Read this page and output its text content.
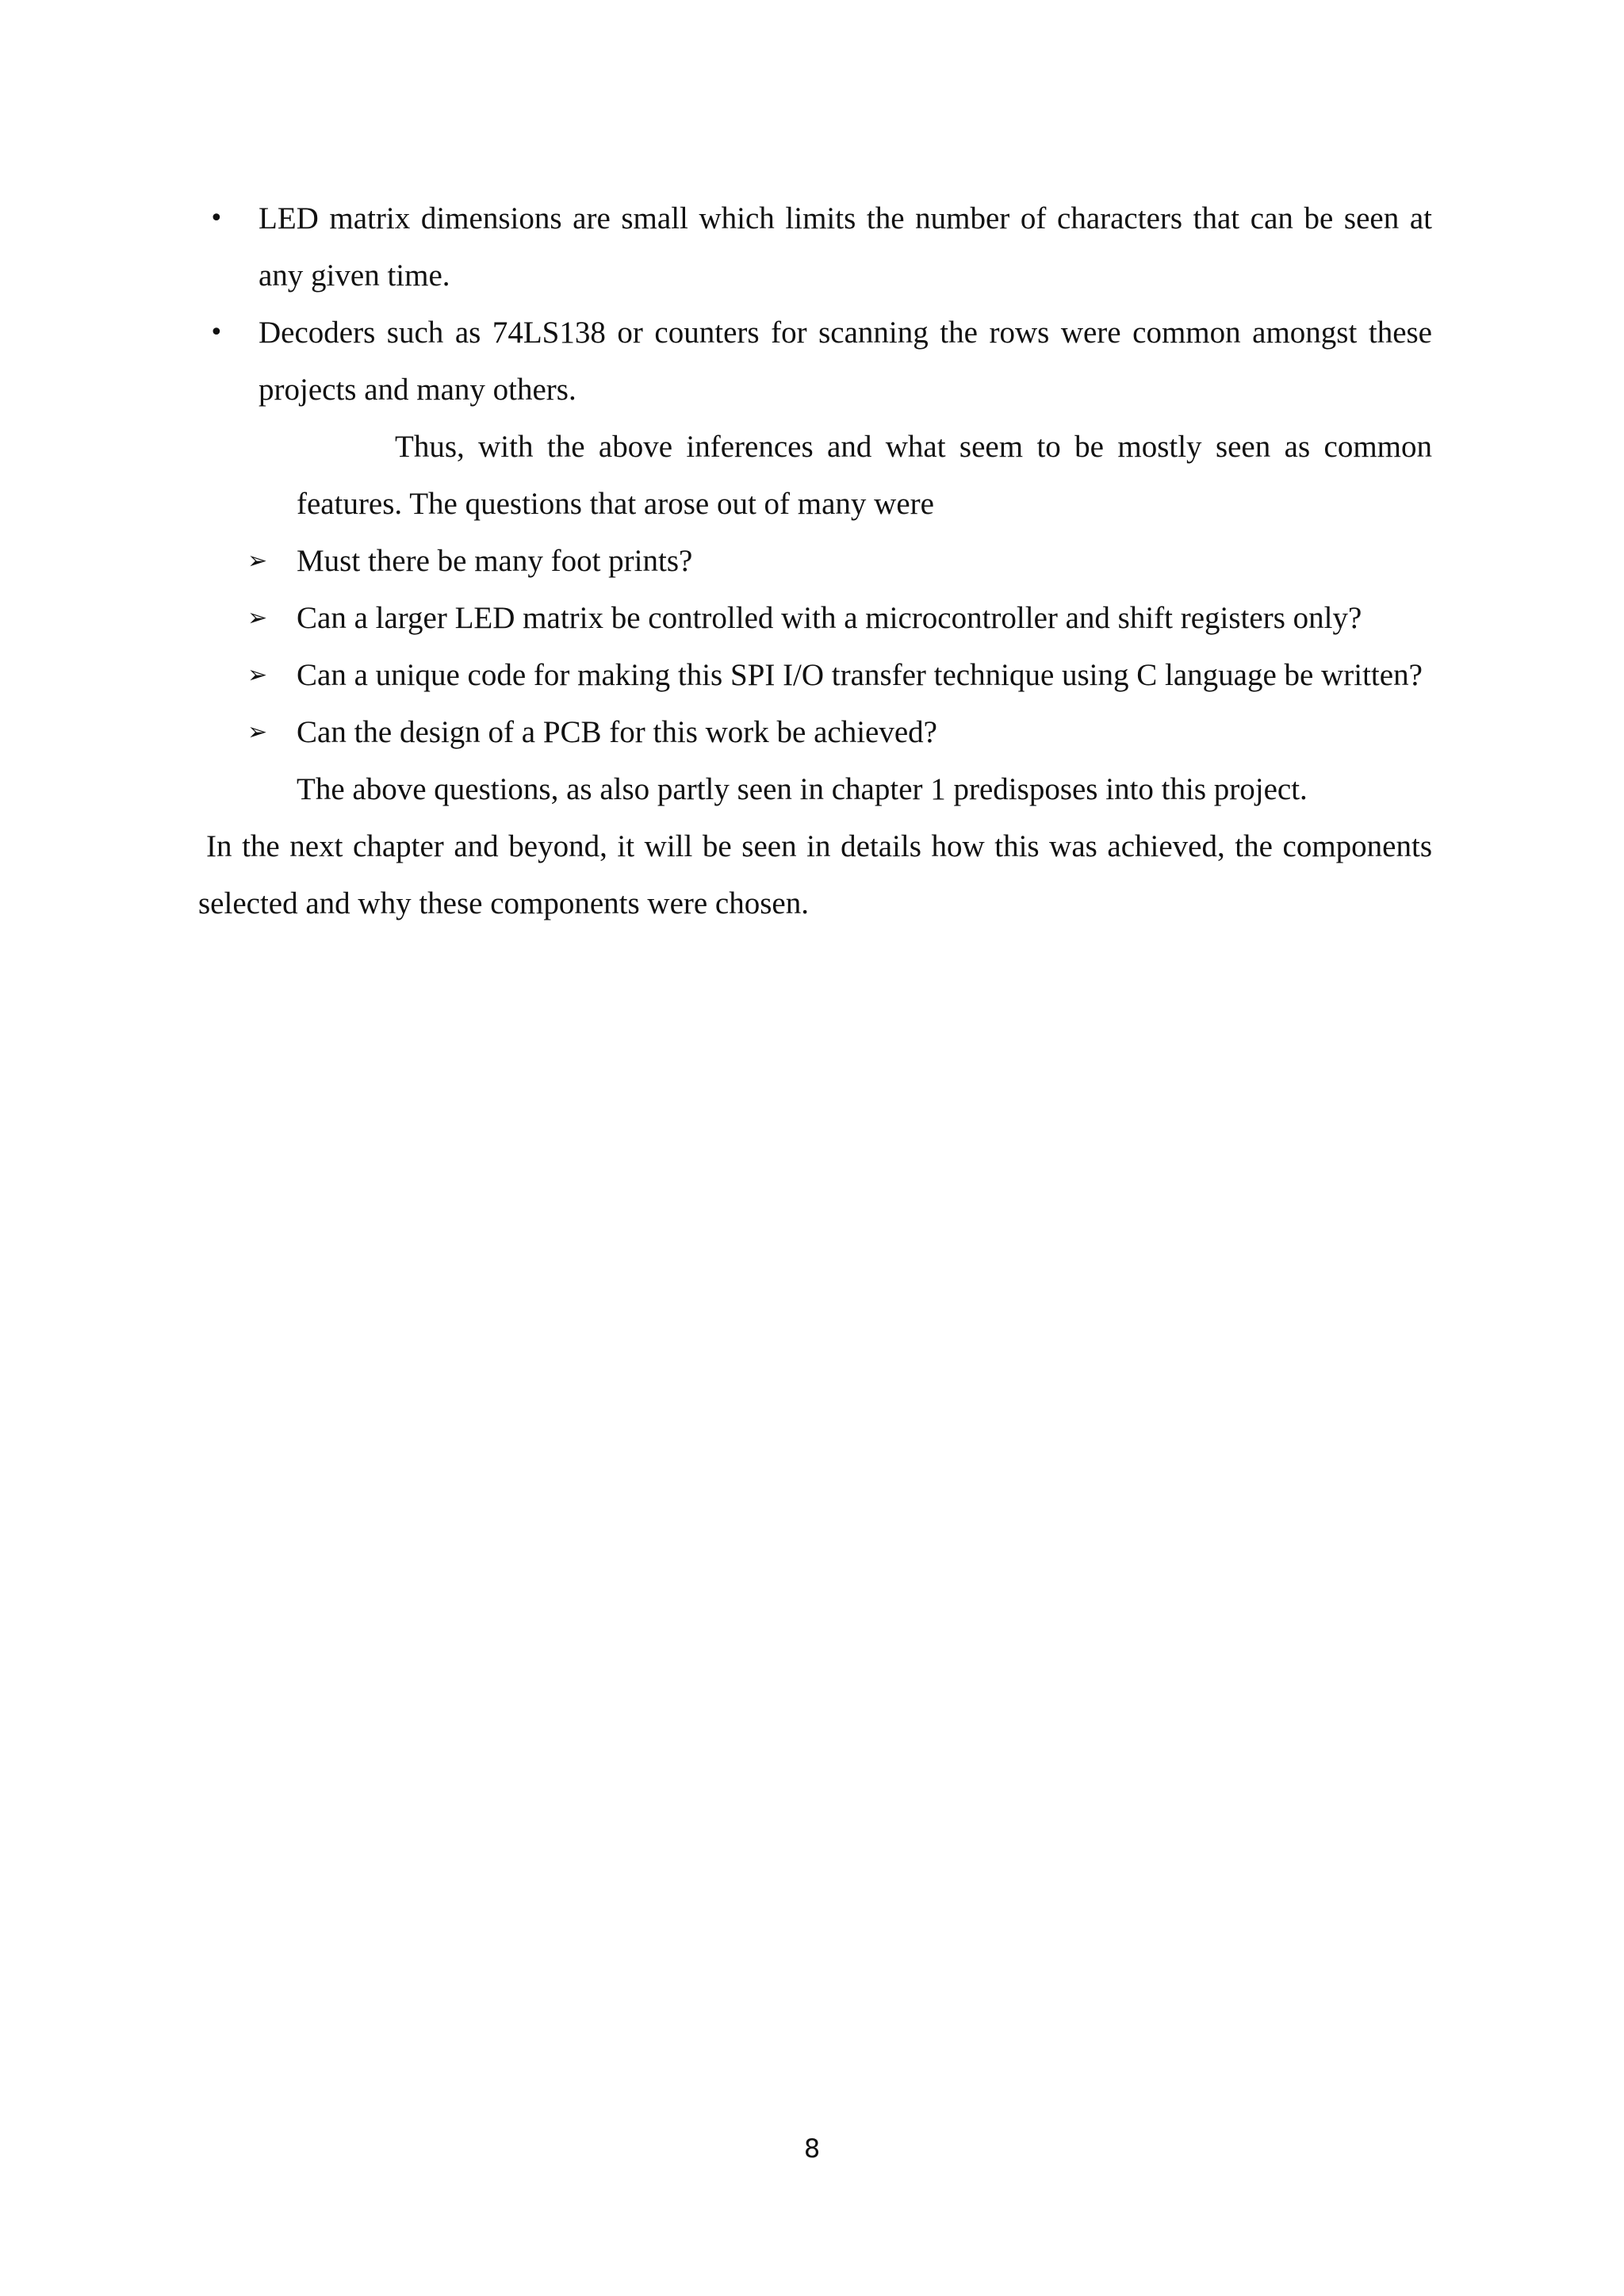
•	LED matrix dimensions are small which limits the number of characters that can be seen at any given time.

•	Decoders such as 74LS138 or counters for scanning the rows were common amongst these projects and many others.

Thus, with the above inferences and what seem to be mostly seen as common features. The questions that arose out of many were

➢ Must there be many foot prints?

➢ Can a larger LED matrix be controlled with a microcontroller and shift registers only?

➢ Can a unique code for making this SPI I/O transfer technique using C language be written?

➢ Can the design of a PCB for this work be achieved?

The above questions, as also partly seen in chapter 1 predisposes into this project.

In the next chapter and beyond, it will be seen in details how this was achieved, the components selected and why these components were chosen.

8
